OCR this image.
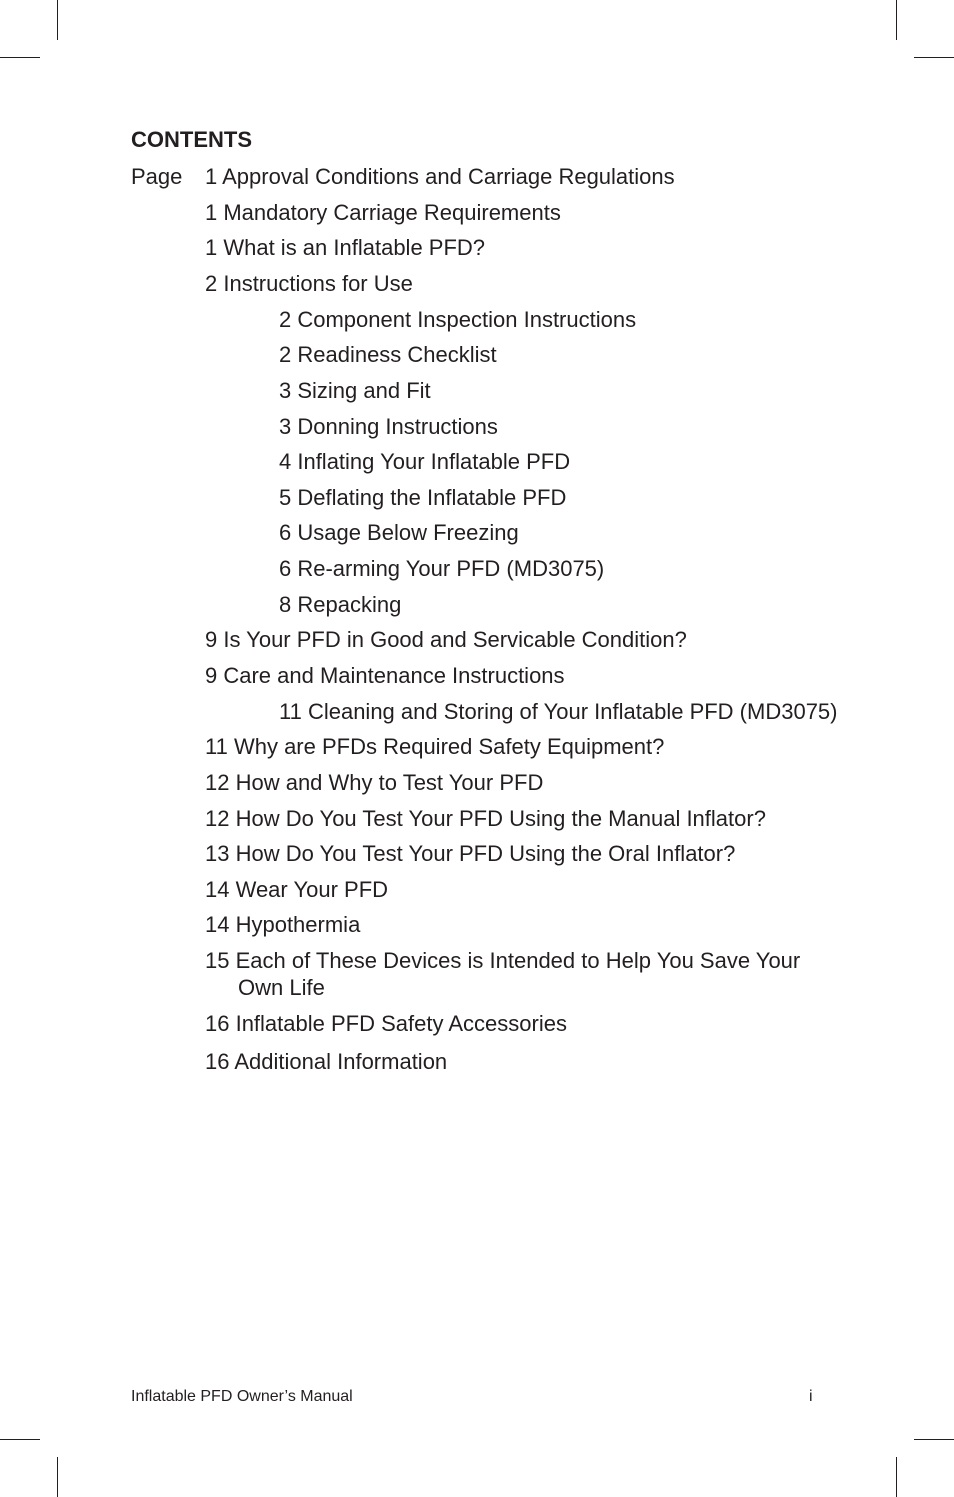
CONTENTS
Page 1 Approval Conditions and Carriage Regulations
1 Mandatory Carriage Requirements
1 What is an Inflatable PFD?
2 Instructions for Use
2 Component Inspection Instructions
2 Readiness Checklist
3 Sizing and Fit
3 Donning Instructions
4 Inflating Your Inflatable PFD
5 Deflating the Inflatable PFD
6 Usage Below Freezing
6 Re-arming Your PFD (MD3075)
8 Repacking
9 Is Your PFD in Good and Servicable Condition?
9 Care and Maintenance Instructions
11 Cleaning and Storing of Your Inflatable PFD (MD3075)
11 Why are PFDs Required Safety Equipment?
12 How and Why to Test Your PFD
12 How Do You Test Your PFD Using the Manual Inflator?
13 How Do You Test Your PFD Using the Oral Inflator?
14 Wear Your PFD
14 Hypothermia
15 Each of These Devices is Intended to Help You Save Your
Own Life
16 Inflatable PFD Safety Accessories
16 Additional Information
Inflatable PFD Owner’s Manual	i
